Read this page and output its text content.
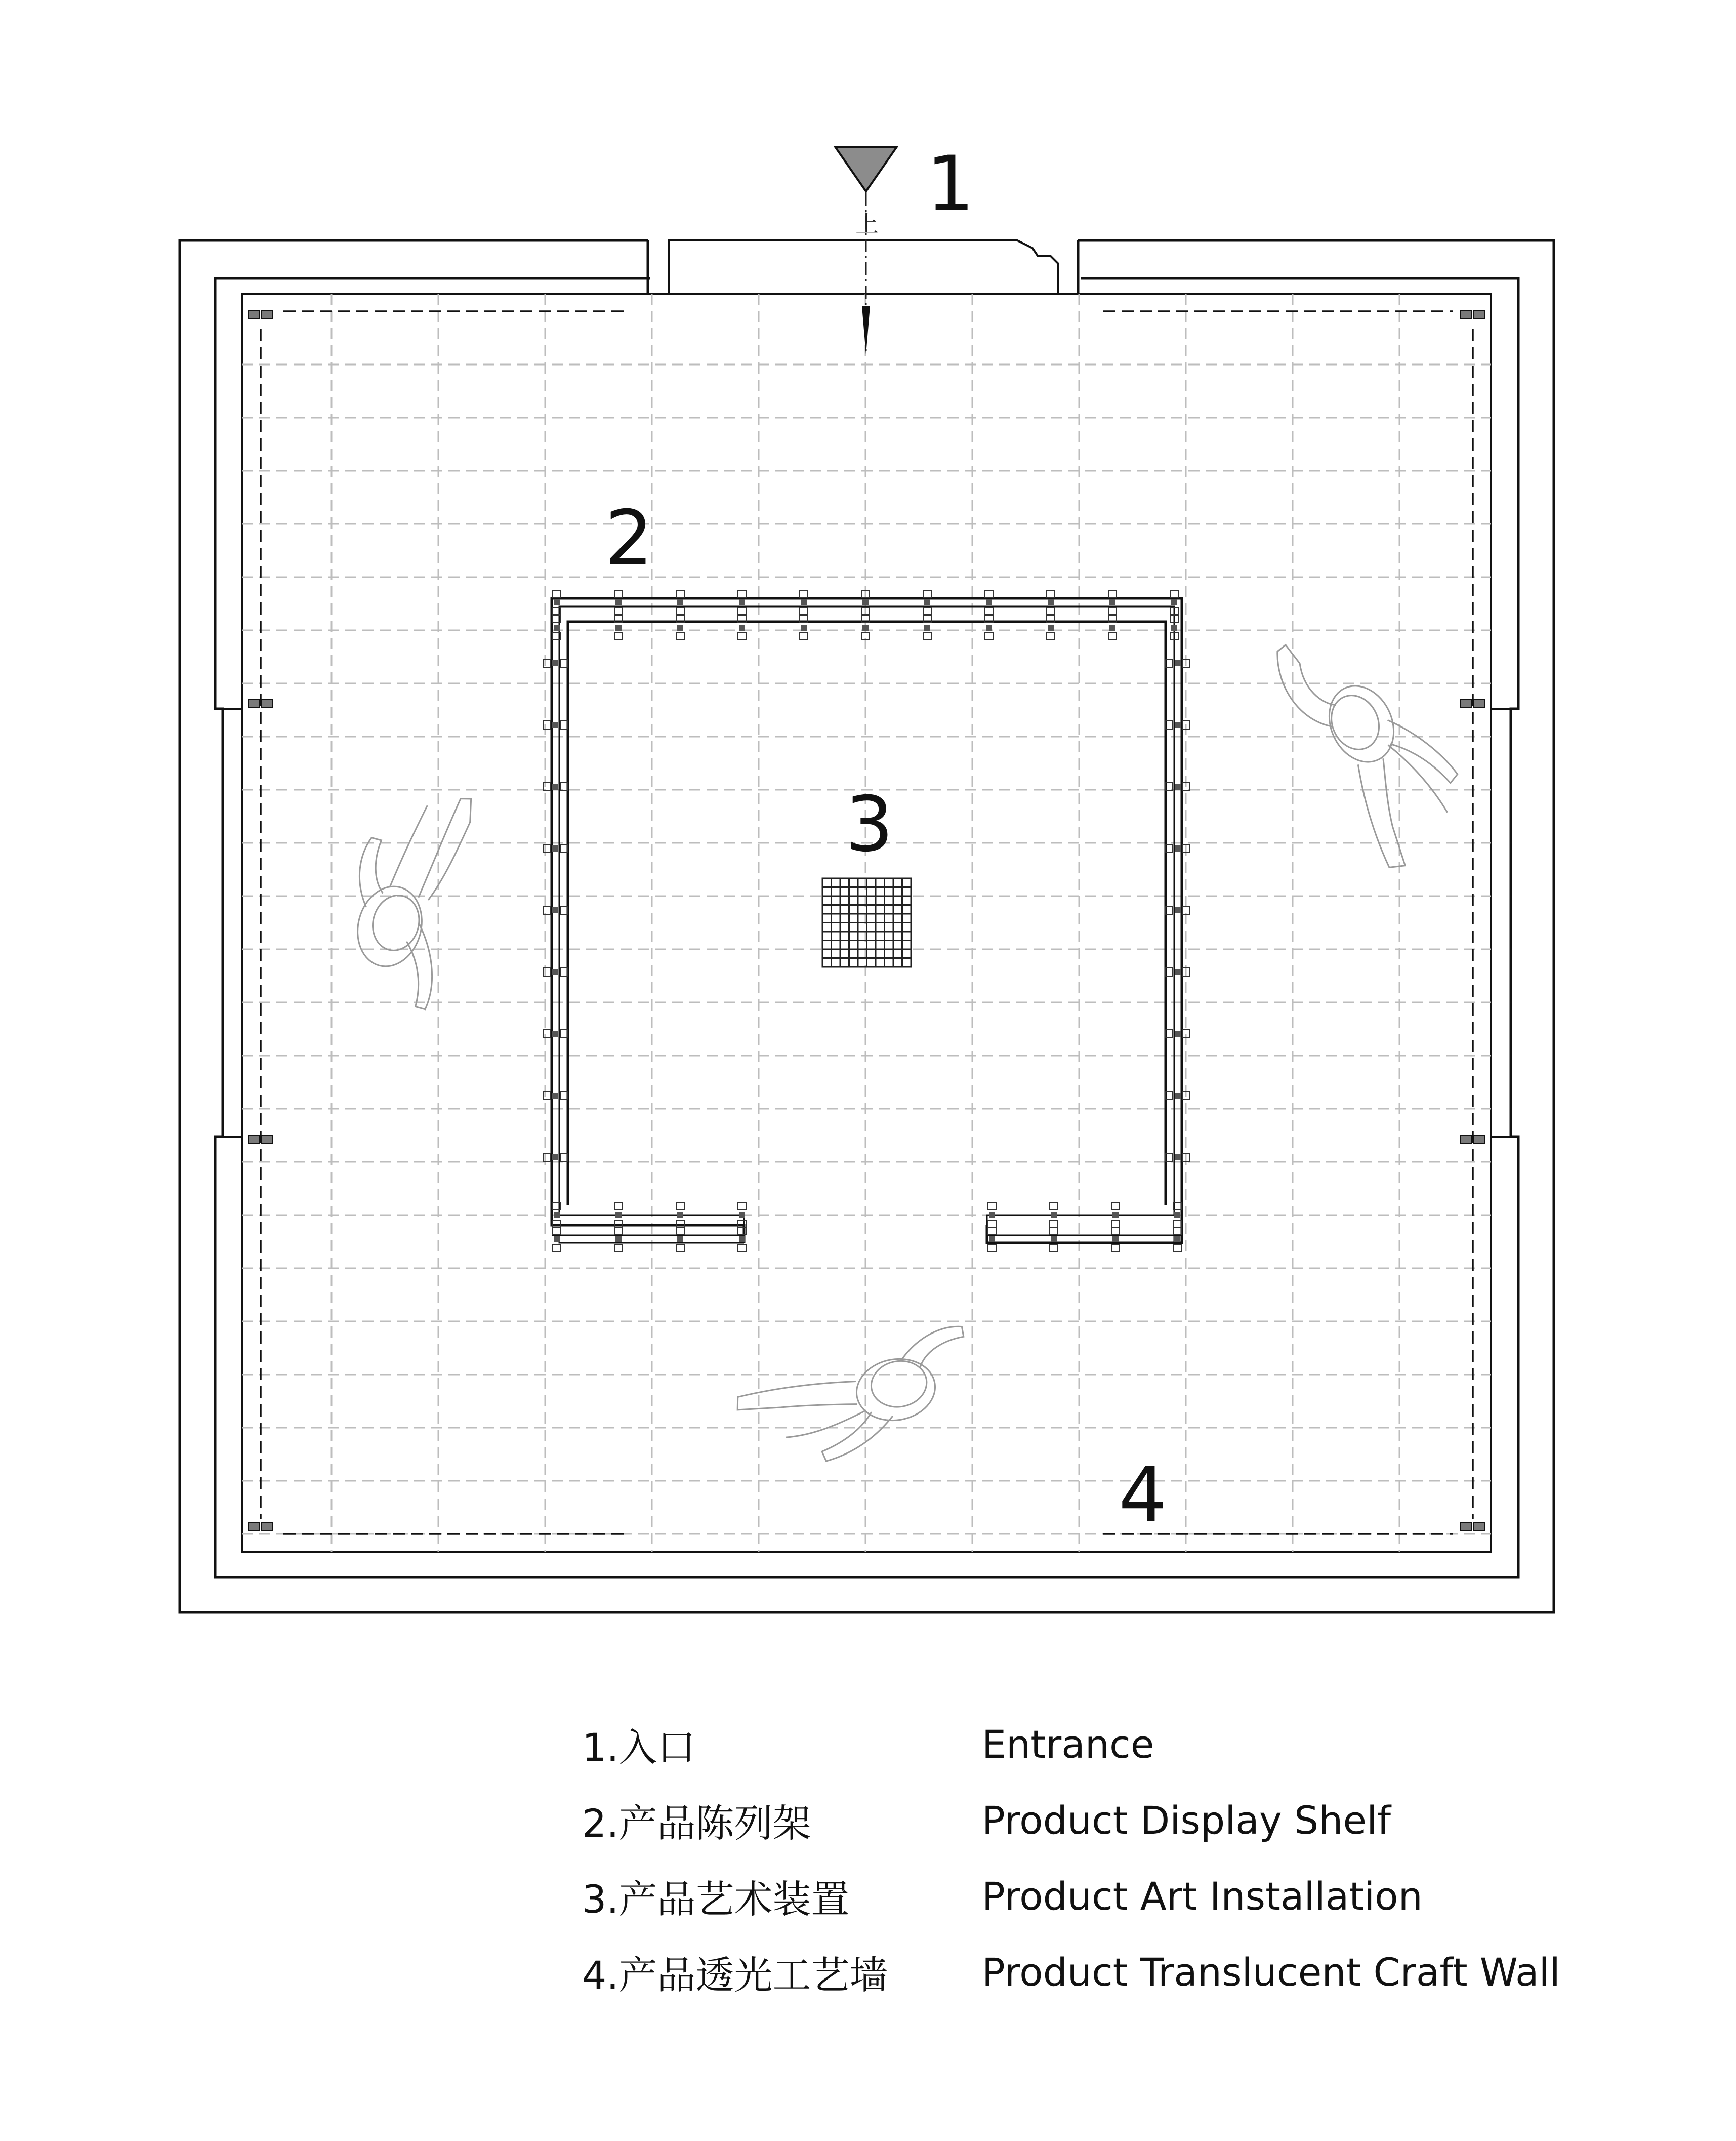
上 1
2
3
4
1.入口	Entrance
2.产品陈列架	Product Display Shelf
3.产品艺术装置	Product Art Installation
4.产品透光工艺墙	Product Translucent Craft Wall
